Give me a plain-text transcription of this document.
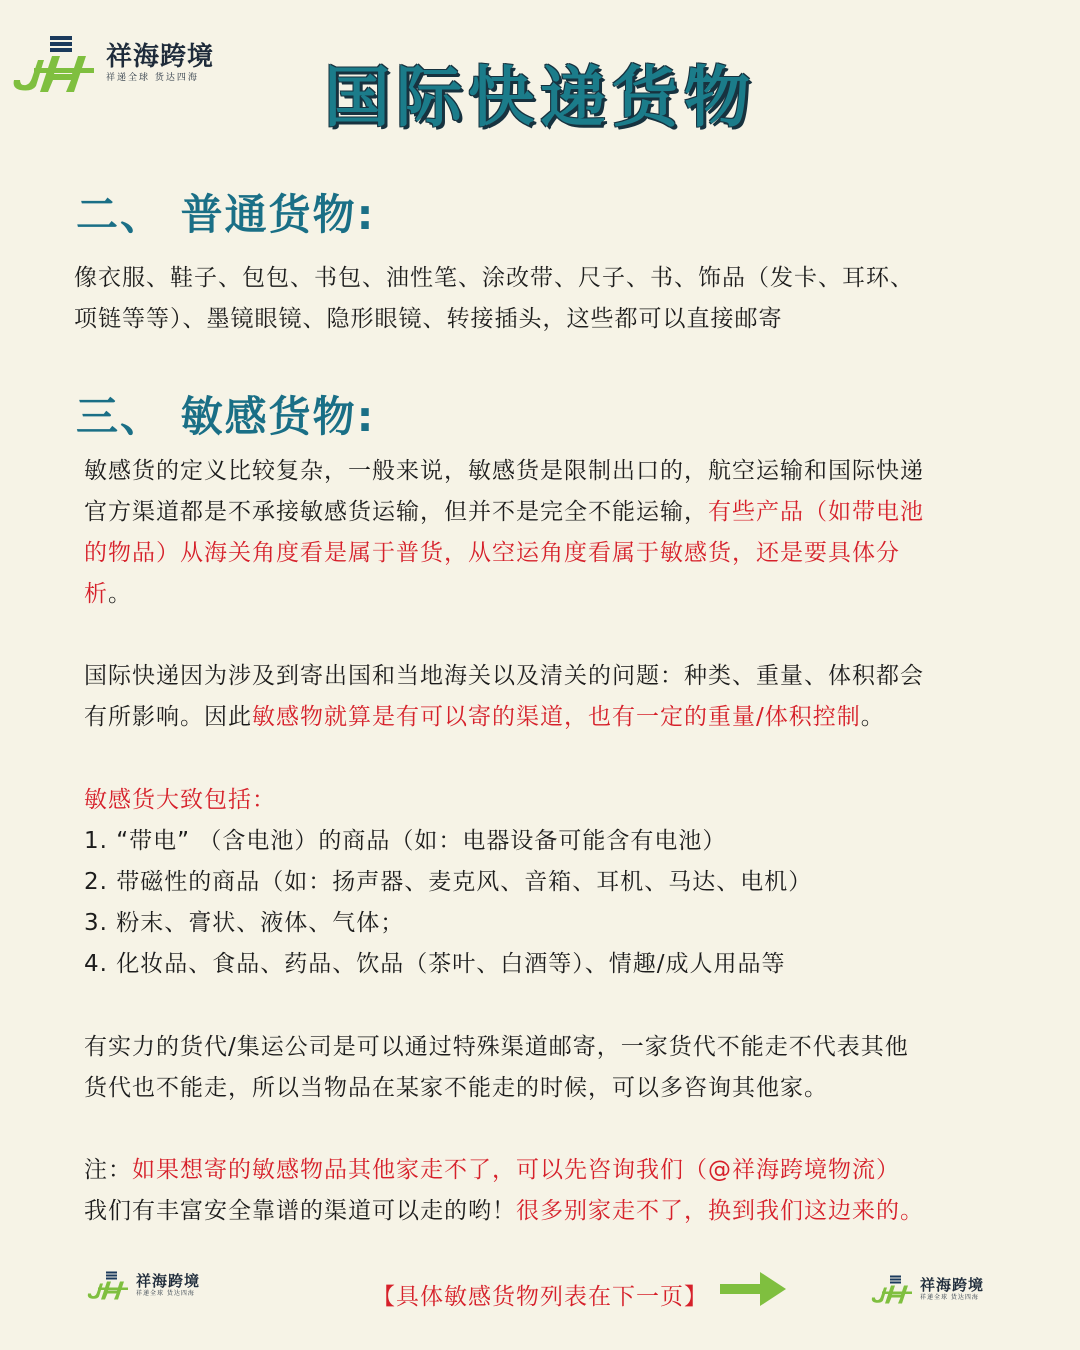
祥海跨境
祥递全球 货达四海	国际快递货物
二、 普通货物:

像衣服、鞋子、包包、书包、油性笔、涂改带、尺子、书、饰品（发卡、耳环、
项链等等）、墨镜眼镜、隐形眼镜、转接插头，这些都可以直接邮寄

三、 敏感货物:

敏感货的定义比较复杂，一般来说，敏感货是限制出口的，航空运输和国际快递
官方渠道都是不承接敏感货运输，但并不是完全不能运输，有些产品（如带电池
的物品）从海关角度看是属于普货，从空运角度看属于敏感货，还是要具体分
析。

国际快递因为涉及到寄出国和当地海关以及清关的问题：种类、重量、体积都会
有所影响。因此敏感物就算是有可以寄的渠道，也有一定的重量/体积控制。

敏感货大致包括：
1. “带电” （含电池）的商品（如：电器设备可能含有电池）
2. 带磁性的商品（如：扬声器、麦克风、音箱、耳机、马达、电机）
3. 粉末、膏状、液体、气体；
4. 化妆品、食品、药品、饮品（茶叶、白酒等）、情趣/成人用品等

有实力的货代/集运公司是可以通过特殊渠道邮寄，一家货代不能走不代表其他
货代也不能走，所以当物品在某家不能走的时候，可以多咨询其他家。

注：如果想寄的敏感物品其他家走不了，可以先咨询我们（@祥海跨境物流）
我们有丰富安全靠谱的渠道可以走的哟！很多别家走不了，换到我们这边来的。

祥海跨境
祥递全球 货达四海	【具体敏感货物列表在下一页】	祥海跨境
祥递全球 货达四海
